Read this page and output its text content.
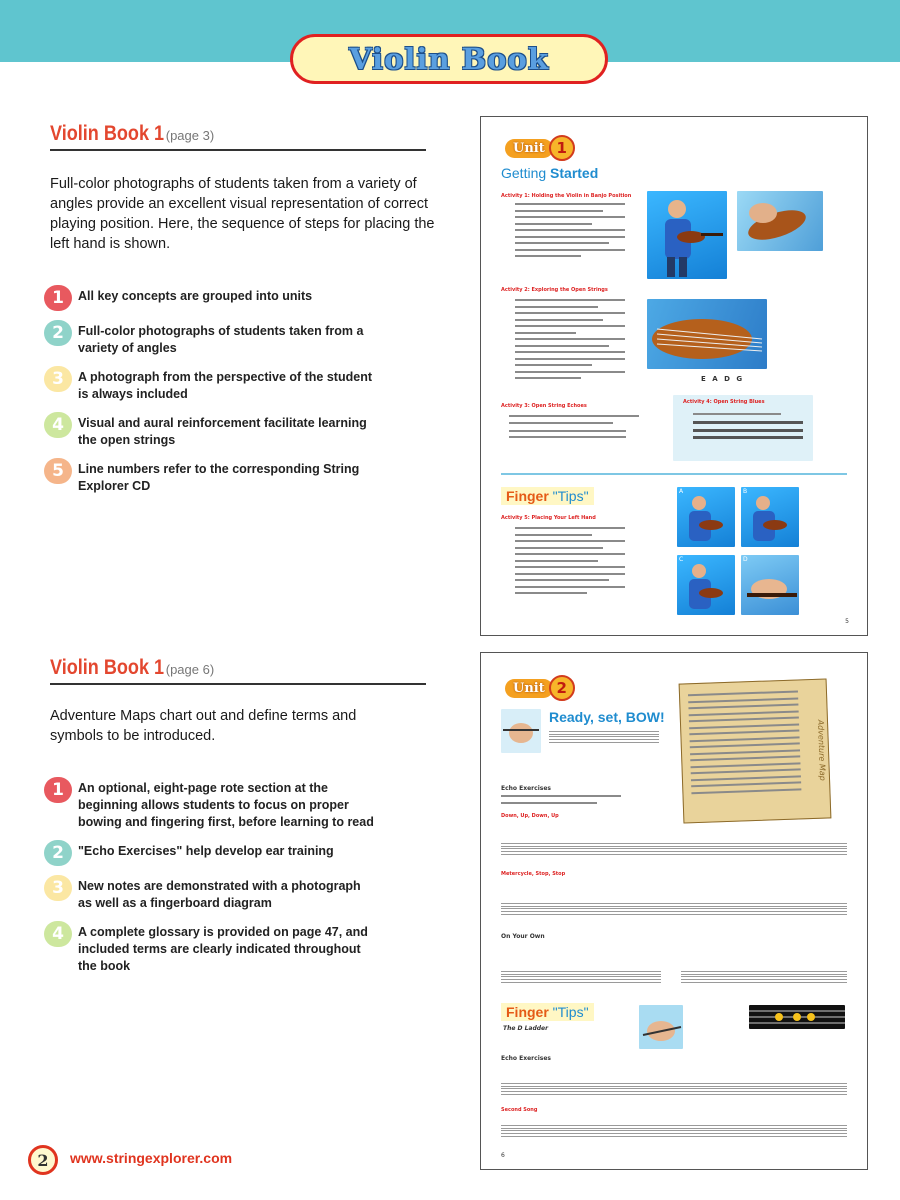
Violin Book
Violin Book 1 (page 3)

Full-color photographs of students taken from a variety of angles provide an excellent visual representation of correct playing position. Here, the sequence of steps for placing the left hand is shown.

1	All key concepts are grouped into units
2	Full-color photographs of students taken from a variety of angles
3	A photograph from the perspective of the student is always included
4	Visual and aural reinforcement facilitate learning the open strings
5	Line numbers refer to the corresponding String Explorer CD
Unit 1
Getting Started
Activity 1: Holding the Violin in Banjo Position
Activity 2: Exploring the Open Strings
E A D G
Activity 3: Open String Echoes
Activity 4: Open String Blues
Finger "Tips"
Activity 5: Placing Your Left Hand
A	B
C	D
5
Violin Book 1 (page 6)

Adventure Maps chart out and define terms and symbols to be introduced.

1	An optional, eight-page rote section at the beginning allows students to focus on proper bowing and fingering first, before learning to read
2	"Echo Exercises" help develop ear training
3	New notes are demonstrated with a photograph as well as a fingerboard diagram
4	A complete glossary is provided on page 47, and included terms are clearly indicated throughout the book
Unit 2
Ready, set, BOW!
Adventure Map
Echo Exercises
Down, Up, Down, Up
Metercycle, Stop, Stop
On Your Own
Finger "Tips"
The D Ladder
Echo Exercises
Second Song
6
2	www.stringexplorer.com
